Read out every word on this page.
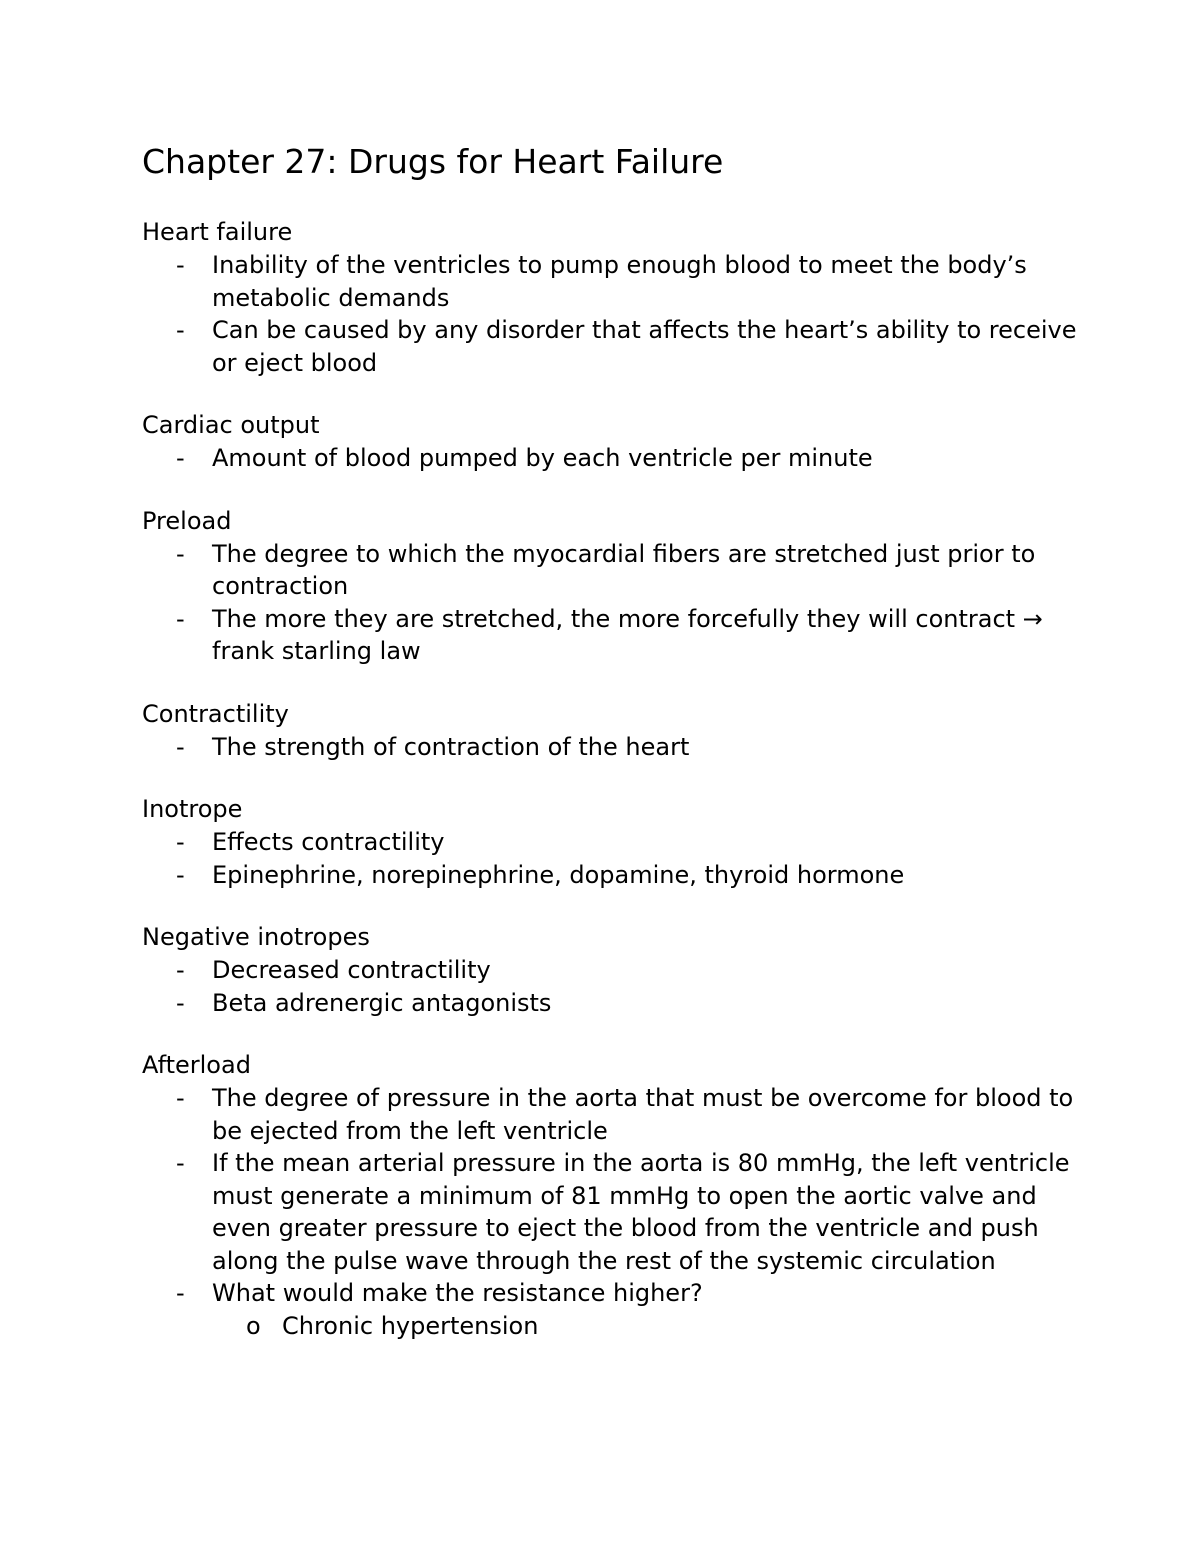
Chapter 27: Drugs for Heart Failure
Heart failure
- Inability of the ventricles to pump enough blood to meet the body’s metabolic demands
- Can be caused by any disorder that affects the heart’s ability to receive or eject blood
Cardiac output
- Amount of blood pumped by each ventricle per minute
Preload
- The degree to which the myocardial fibers are stretched just prior to contraction
- The more they are stretched, the more forcefully they will contract → frank starling law
Contractility
- The strength of contraction of the heart
Inotrope
- Effects contractility
- Epinephrine, norepinephrine, dopamine, thyroid hormone
Negative inotropes
- Decreased contractility
- Beta adrenergic antagonists
Afterload
- The degree of pressure in the aorta that must be overcome for blood to be ejected from the left ventricle
- If the mean arterial pressure in the aorta is 80 mmHg, the left ventricle must generate a minimum of 81 mmHg to open the aortic valve and even greater pressure to eject the blood from the ventricle and push along the pulse wave through the rest of the systemic circulation
- What would make the resistance higher?
o Chronic hypertension
